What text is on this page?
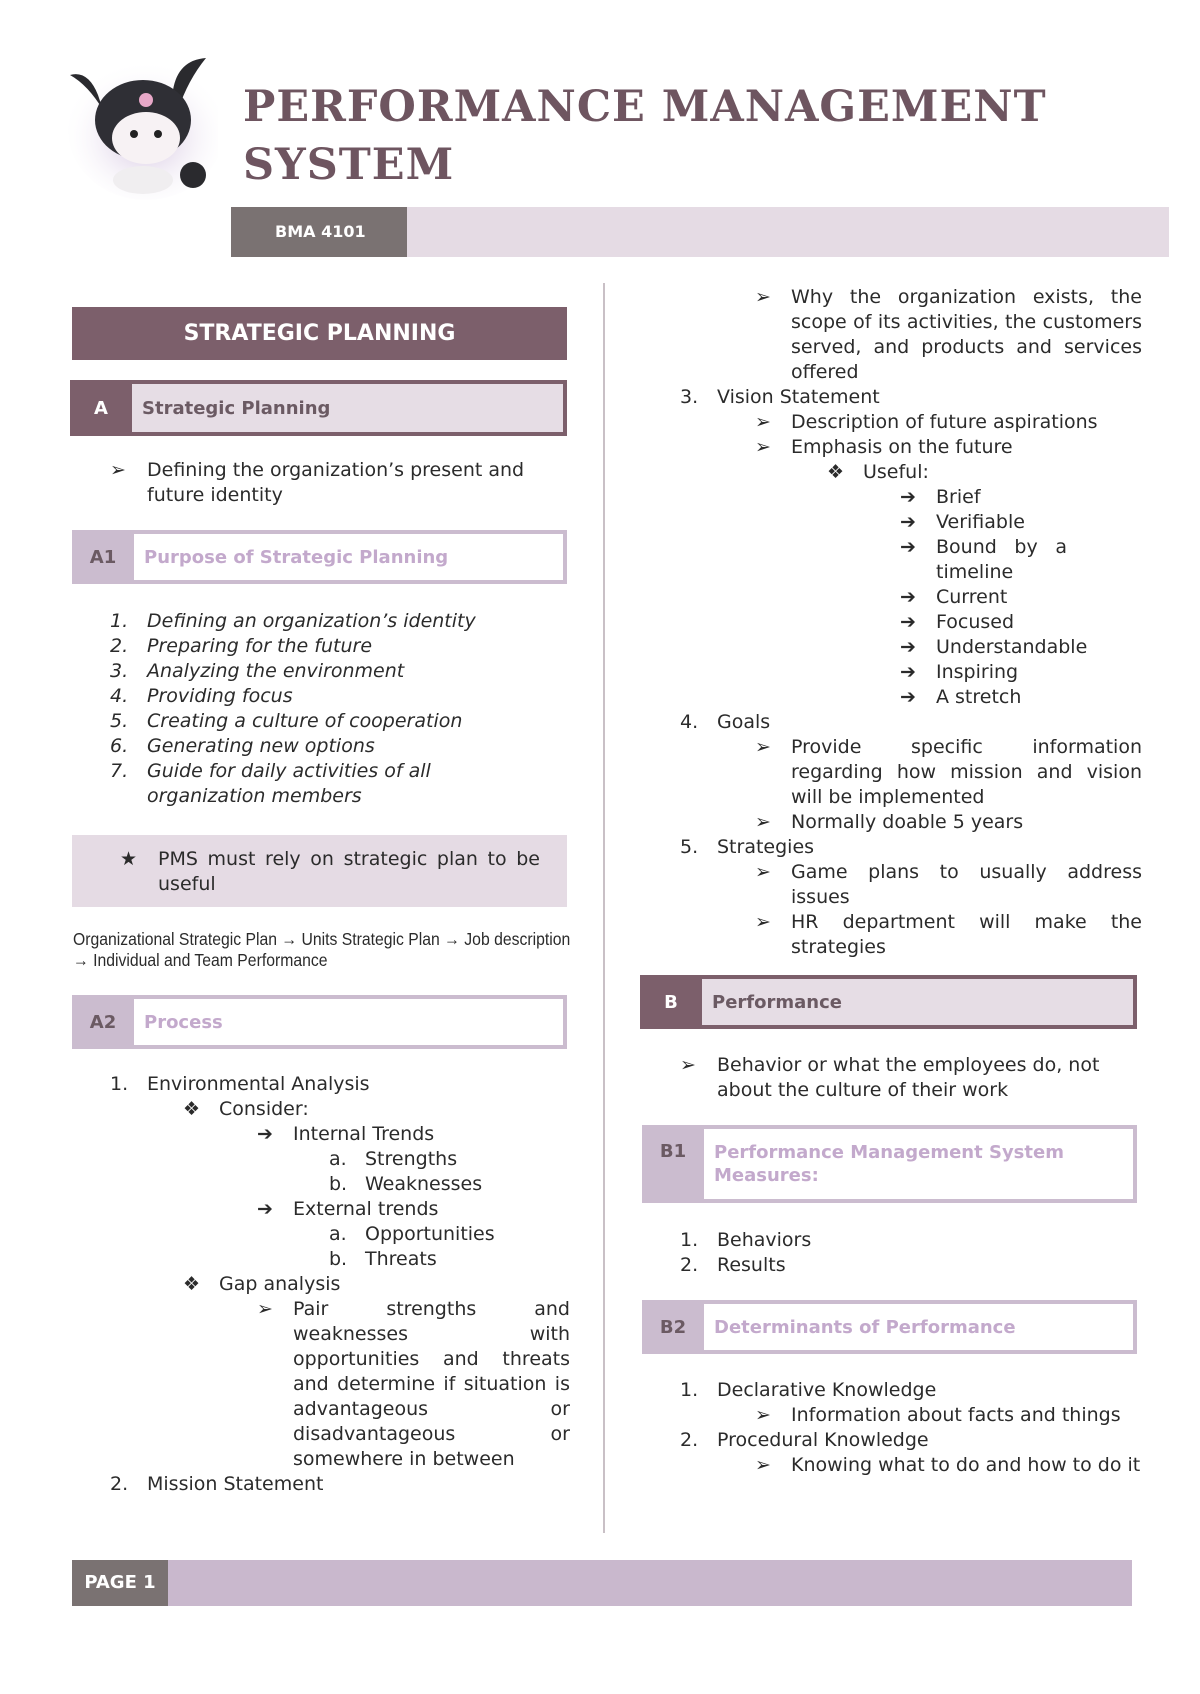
PERFORMANCE MANAGEMENT
SYSTEM
BMA 4101
STRATEGIC PLANNING
A	Strategic Planning
➢	Defining the organization’s present and future identity
A1	Purpose of Strategic Planning
1. Defining an organization’s identity
2. Preparing for the future
3. Analyzing the environment
4. Providing focus
5. Creating a culture of cooperation
6. Generating new options
7. Guide for daily activities of all organization members
★	PMS must rely on strategic plan to be useful
Organizational Strategic Plan → Units Strategic Plan → Job description → Individual and Team Performance
A2	Process
1. Environmental Analysis
❖ Consider:
➔	Internal Trends
a. Strengths
b. Weaknesses
➔	External trends
a. Opportunities
b. Threats
❖ Gap analysis
➢	Pair strengths and weaknesses with opportunities and threats and determine if situation is advantageous or disadvantageous or somewhere in between
2. Mission Statement
➢	Why the organization exists, the scope of its activities, the customers served, and products and services offered
3. Vision Statement
➢	Description of future aspirations
➢	Emphasis on the future
❖ Useful:
➔	Brief
➔	Verifiable
➔	Bound by a timeline
➔	Current
➔	Focused
➔	Understandable
➔	Inspiring
➔	A stretch
4. Goals
➢	Provide specific information regarding how mission and vision will be implemented
➢	Normally doable 5 years
5. Strategies
➢	Game plans to usually address issues
➢	HR department will make the strategies
B	Performance
➢	Behavior or what the employees do, not about the culture of their work
B1	Performance Management System Measures:
1. Behaviors
2. Results
B2	Determinants of Performance
1. Declarative Knowledge
➢	Information about facts and things
2. Procedural Knowledge
➢	Knowing what to do and how to do it
PAGE 1
